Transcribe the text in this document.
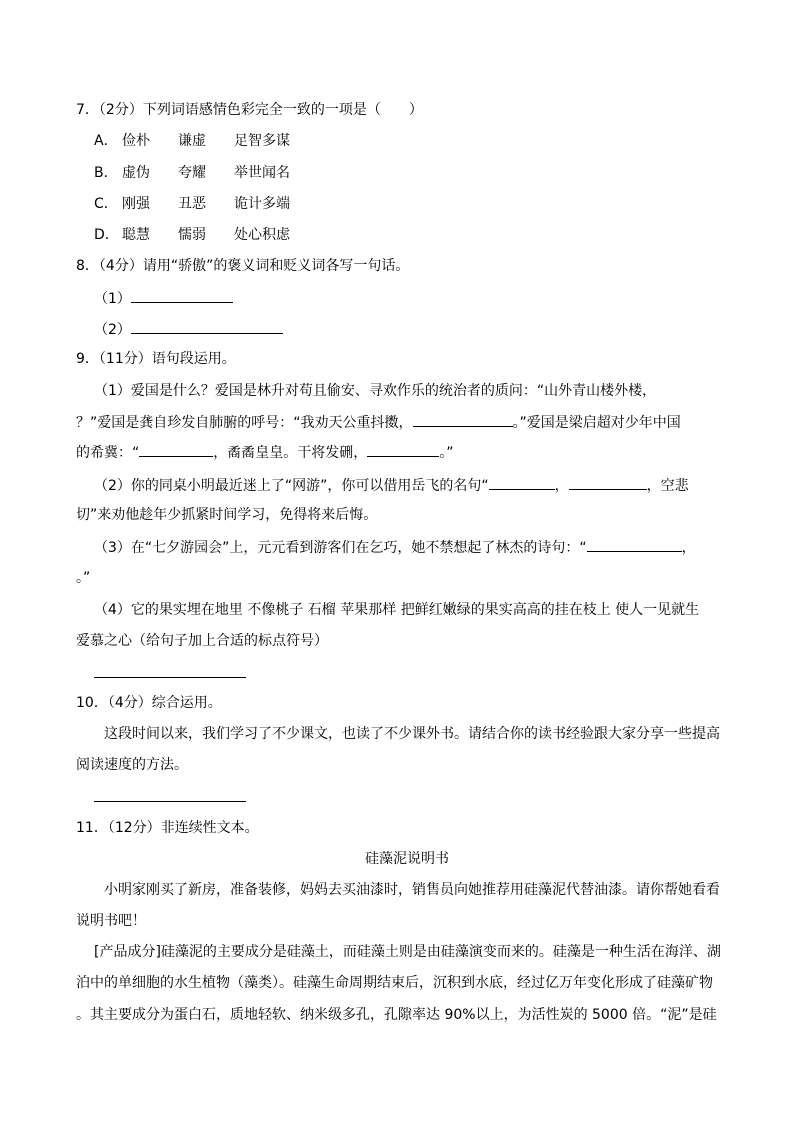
7．（2分）下列词语感情色彩完全一致的一项是（　　）
A． 俭朴 谦虚 足智多谋
B． 虚伪 夸耀 举世闻名
C． 刚强 丑恶 诡计多端
D． 聪慧 懦弱 处心积虑
8．（4分）请用“骄傲”的褒义词和贬义词各写一句话。
（1）
（2）
9．（11分）语句段运用。
（1）爱国是什么？爱国是林升对苟且偷安、寻欢作乐的统治者的质问：“山外青山楼外楼，
？”爱国是龚自珍发自肺腑的呼号：“我劝天公重抖擞，	。”爱国是梁启超对少年中国
的希冀：“	，矞矞皇皇。干将发硎，	。”
（2）你的同桌小明最近迷上了“网游”，你可以借用岳飞的名句“	，	，空悲
切”来劝他趁年少抓紧时间学习，免得将来后悔。
（3）在“七夕游园会”上，元元看到游客们在乞巧，她不禁想起了林杰的诗句：“	，
。”
（4）它的果实埋在地里 不像桃子 石榴 苹果那样 把鲜红嫩绿的果实高高的挂在枝上 使人一见就生
爱慕之心（给句子加上合适的标点符号）
10．（4分）综合运用。
这段时间以来，我们学习了不少课文，也读了不少课外书。请结合你的读书经验跟大家分享一些提高
阅读速度的方法。
11．（12分）非连续性文本。
硅藻泥说明书
小明家刚买了新房，准备装修，妈妈去买油漆时，销售员向她推荐用硅藻泥代替油漆。请你帮她看看
说明书吧！
[产品成分]硅藻泥的主要成分是硅藻土，而硅藻土则是由硅藻演变而来的。硅藻是一种生活在海洋、湖
泊中的单细胞的水生植物（藻类）。硅藻生命周期结束后，沉积到水底，经过亿万年变化形成了硅藻矿物
。其主要成分为蛋白石，质地轻软、纳米级多孔，孔隙率达 90%以上，为活性炭的 5000 倍。“泥”是硅
